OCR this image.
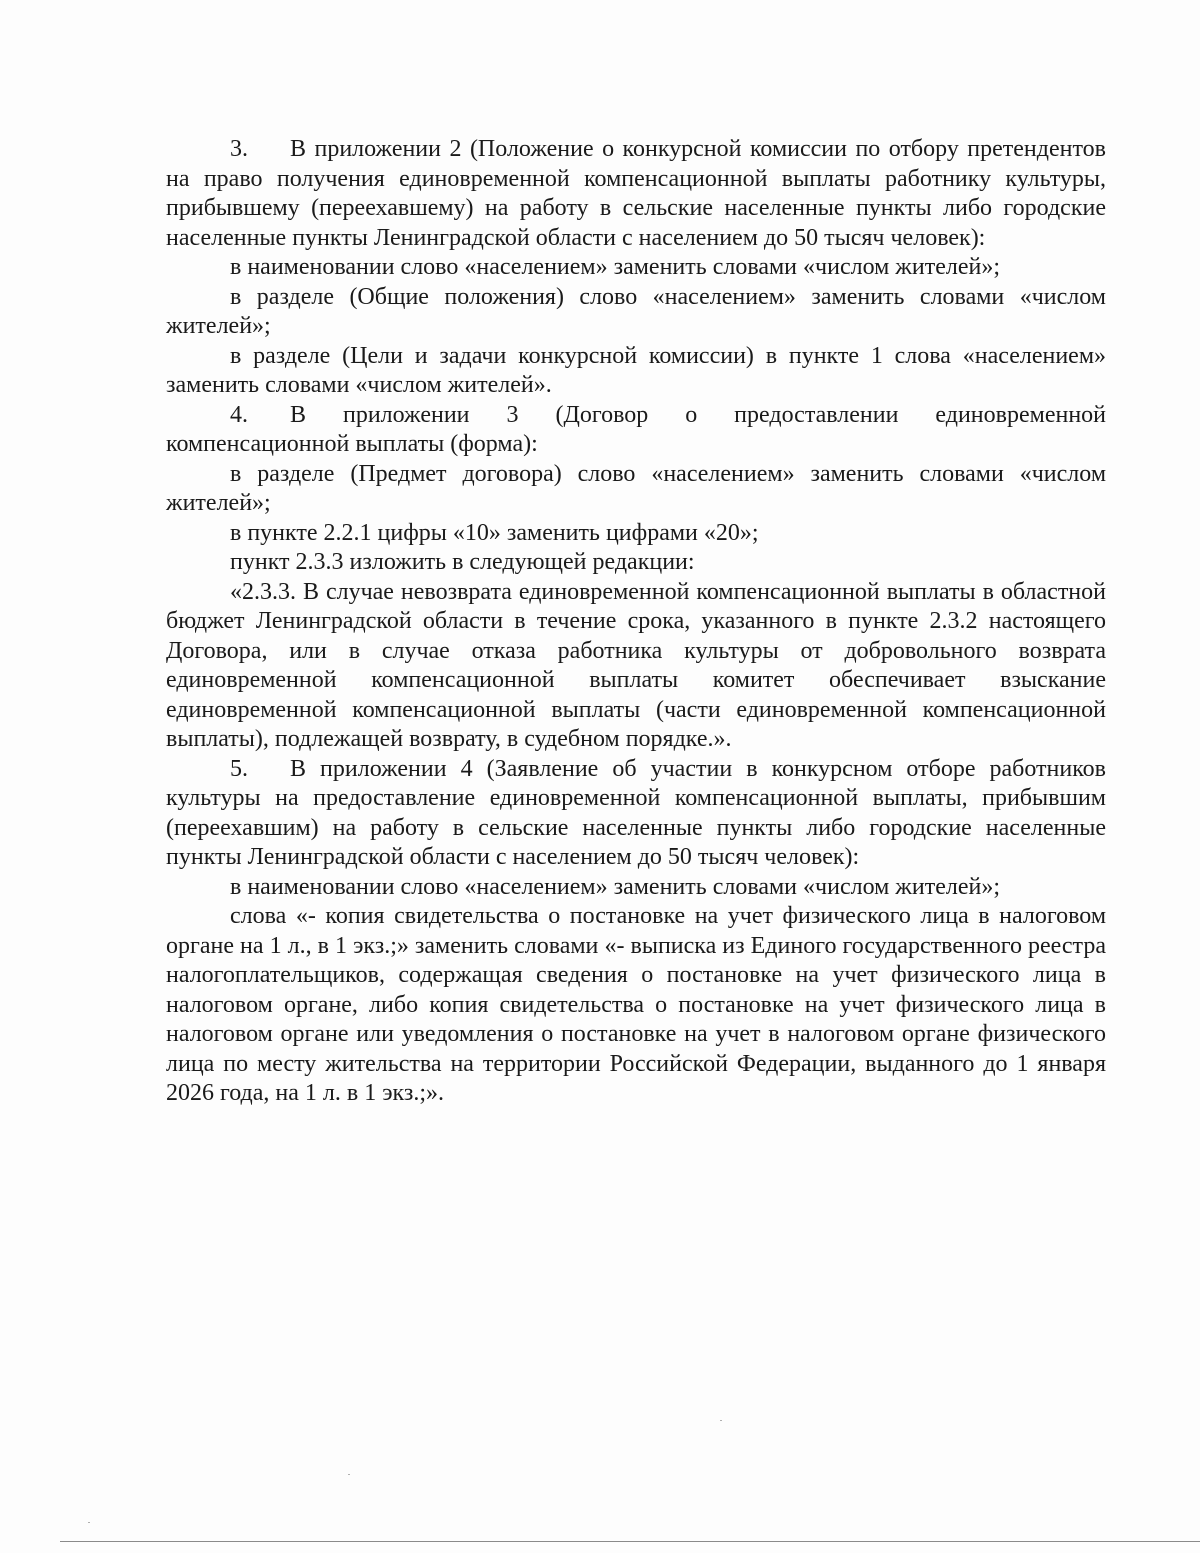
3. В приложении 2 (Положение о конкурсной комиссии по отбору претендентов на право получения единовременной компенсационной выплаты работнику культуры, прибывшему (переехавшему) на работу в сельские населенные пункты либо городские населенные пункты Ленинградской области с населением до 50 тысяч человек):

в наименовании слово «населением» заменить словами «числом жителей»;

в разделе (Общие положения) слово «населением» заменить словами «числом жителей»;

в разделе (Цели и задачи конкурсной комиссии) в пункте 1 слова «населением» заменить словами «числом жителей».

4. В приложении 3 (Договор о предоставлении единовременной компенсационной выплаты (форма):

в разделе (Предмет договора) слово «населением» заменить словами «числом жителей»;

в пункте 2.2.1 цифры «10» заменить цифрами «20»;

пункт 2.3.3 изложить в следующей редакции:

«2.3.3. В случае невозврата единовременной компенсационной выплаты в областной бюджет Ленинградской области в течение срока, указанного в пункте 2.3.2 настоящего Договора, или в случае отказа работника культуры от добровольного возврата единовременной компенсационной выплаты комитет обеспечивает взыскание единовременной компенсационной выплаты (части единовременной компенсационной выплаты), подлежащей возврату, в судебном порядке.».

5. В приложении 4 (Заявление об участии в конкурсном отборе работников культуры на предоставление единовременной компенсационной выплаты, прибывшим (переехавшим) на работу в сельские населенные пункты либо городские населенные пункты Ленинградской области с населением до 50 тысяч человек):

в наименовании слово «населением» заменить словами «числом жителей»;

слова «- копия свидетельства о постановке на учет физического лица в налоговом органе на 1 л., в 1 экз.;» заменить словами «- выписка из Единого государственного реестра налогоплательщиков, содержащая сведения о постановке на учет физического лица в налоговом органе, либо копия свидетельства о постановке на учет физического лица в налоговом органе или уведомления о постановке на учет в налоговом органе физического лица по месту жительства на территории Российской Федерации, выданного до 1 января 2026 года, на 1 л. в 1 экз.;».
